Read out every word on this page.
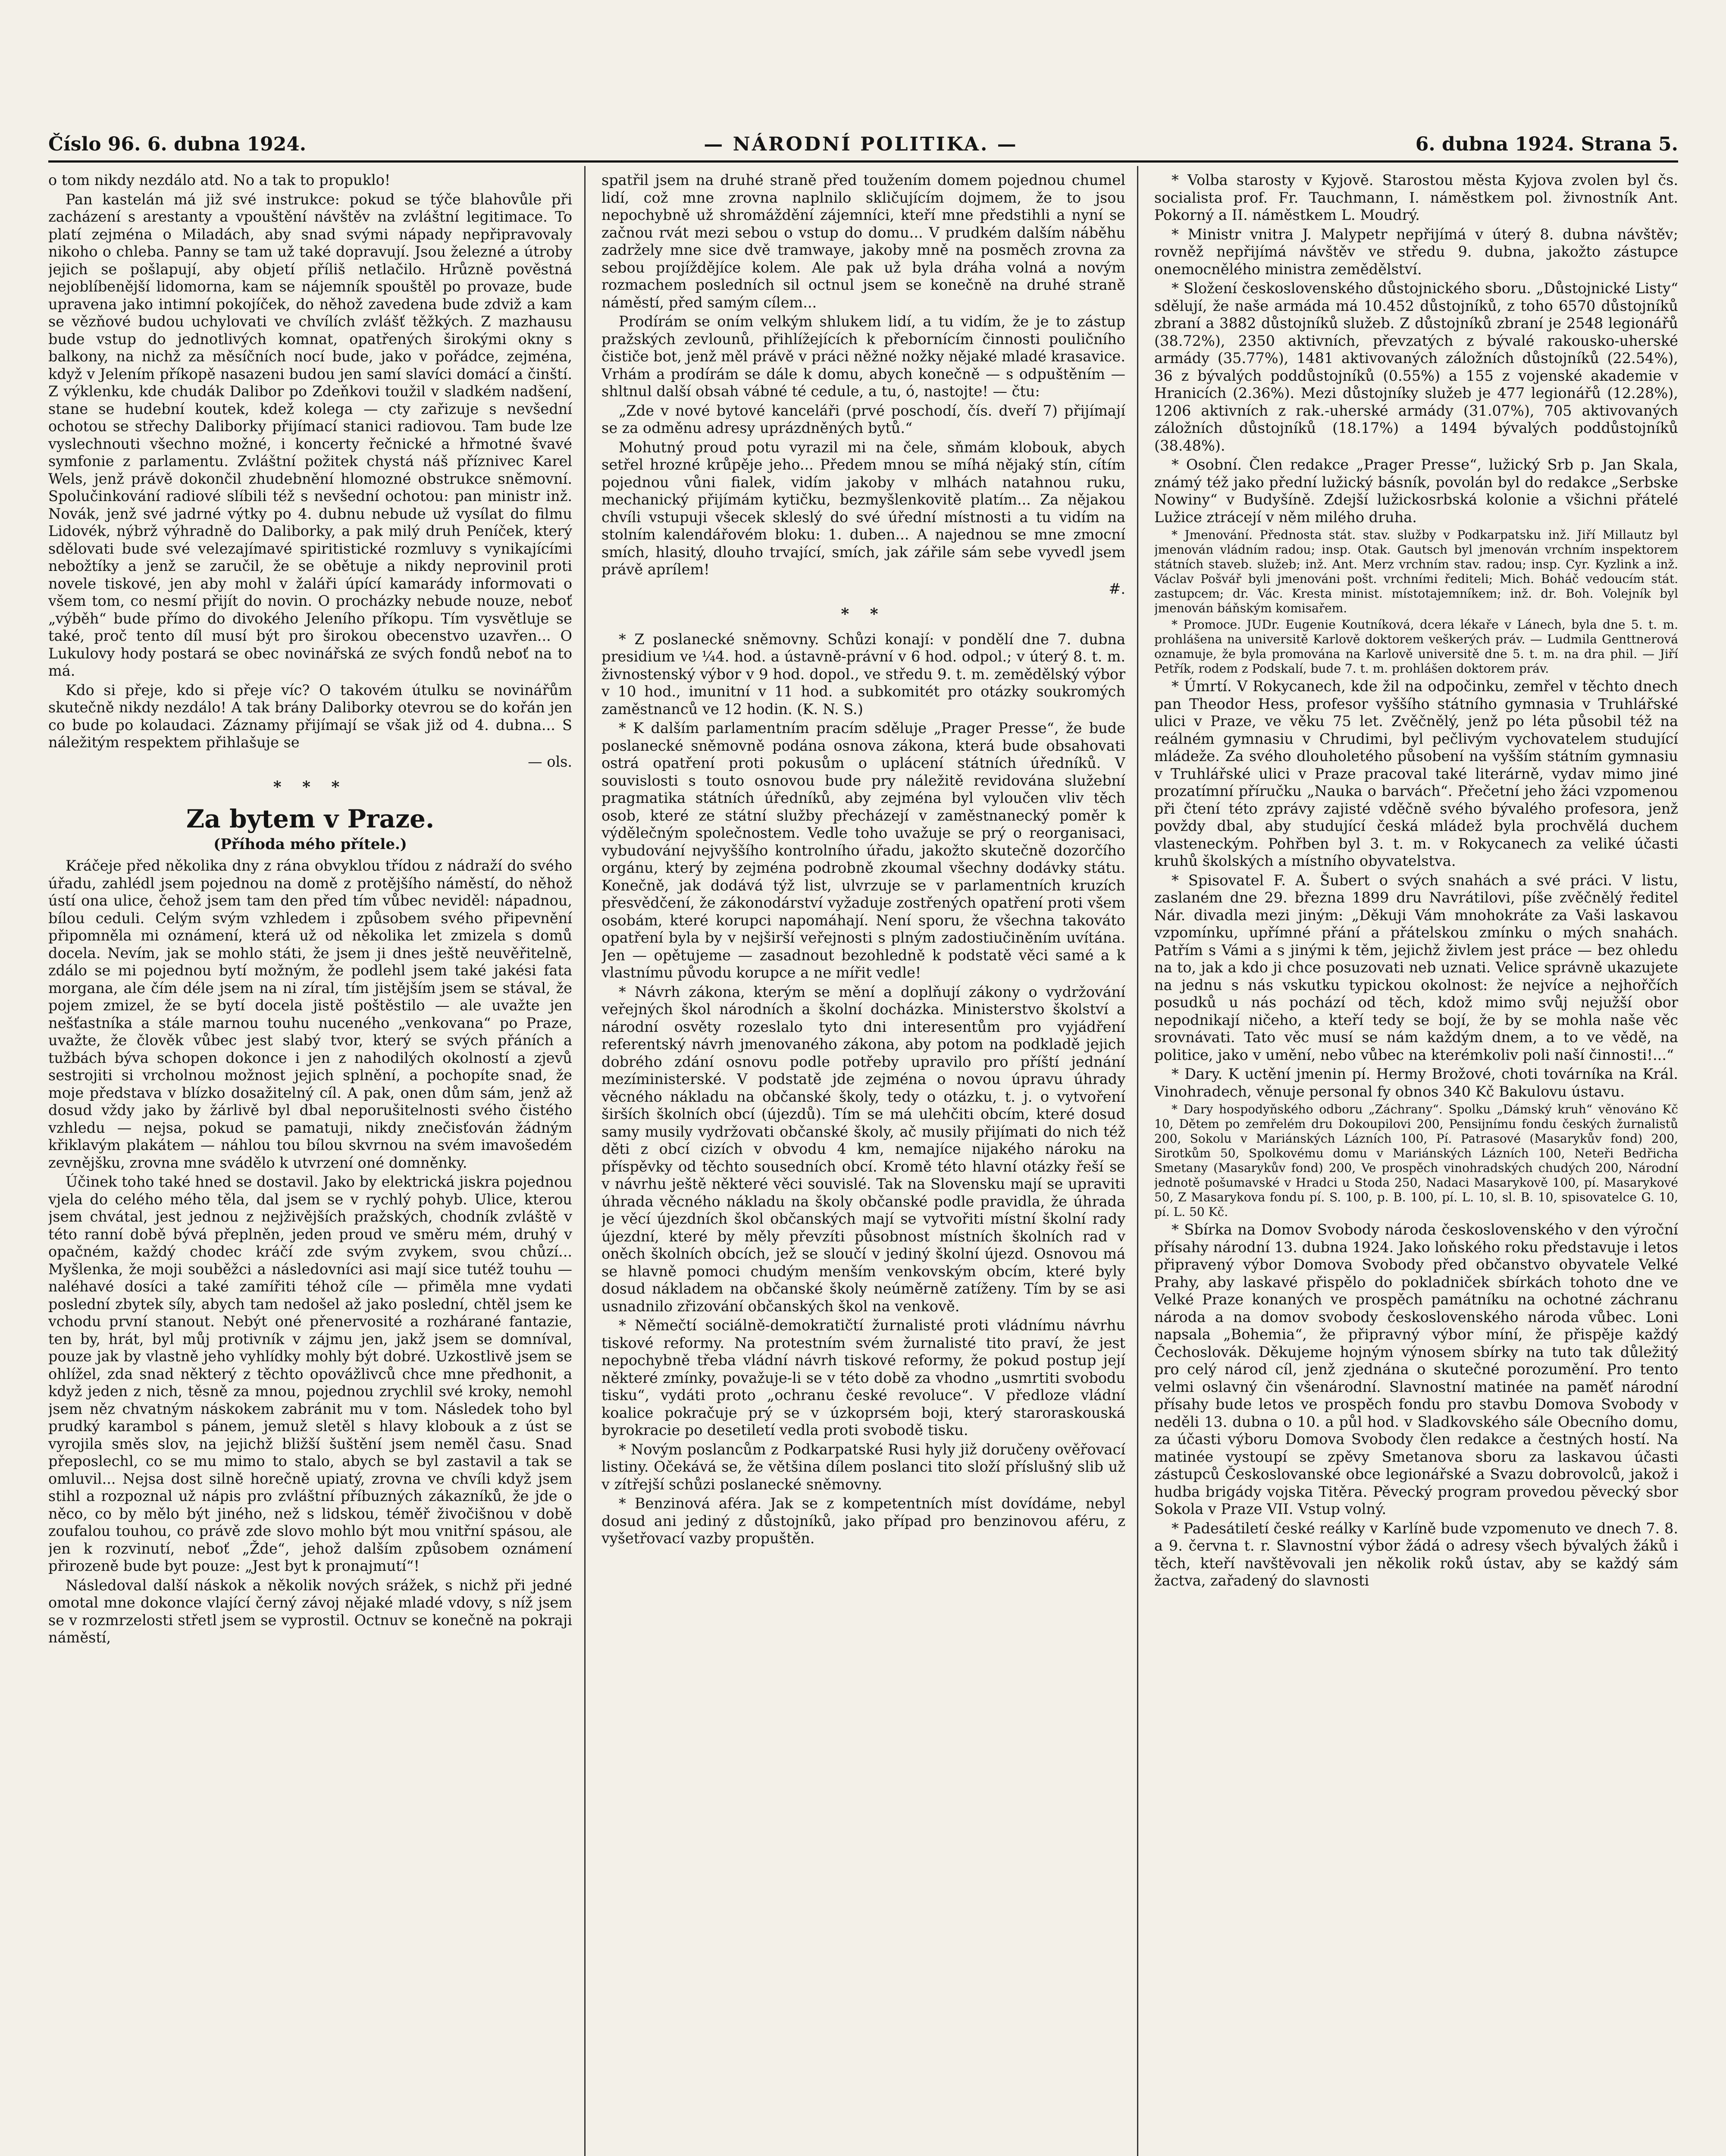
Číslo 96. 6. dubna 1924.	— NÁRODNÍ POLITIKA. —	6. dubna 1924. Strana 5.

o tom nikdy nezdálo atd. No a tak to propuklo!

Pan kastelán má již své instrukce: pokud se týče blahovůle při zacházení s arestanty a vpouštění návštěv na zvláštní legitimace. To platí zejména o Miladách, aby snad svými nápady nepřipravovaly nikoho o chleba. Panny se tam už také dopravují. Jsou železné a útroby jejich se pošlapují, aby objetí příliš netlačilo. Hrůzně pověstná nejoblíbenější lidomorna, kam se nájemník spouštěl po provaze, bude upravena jako intimní pokojíček, do něhož zavedena bude zdviž a kam se vězňové budou uchylovati ve chvílích zvlášť těžkých. Z mazhausu bude vstup do jednotlivých komnat, opatřených širokými okny s balkony, na nichž za měsíčních nocí bude, jako v pořádce, zejména, když v Jelením příkopě nasazeni budou jen samí slavíci domácí a činští. Z výklenku, kde chudák Dalibor po Zdeňkovi toužil v sladkém nadšení, stane se hudební koutek, kdež kolega — cty zařizuje s nevšední ochotou se střechy Daliborky přijímací stanici radiovou. Tam bude lze vyslechnouti všechno možné, i koncerty řečnické a hřmotné švavé symfonie z parlamentu. Zvláštní požitek chystá náš příznivec Karel Wels, jenž právě dokončil zhudebnění hlomozné obstrukce sněmovní. Spolučinkování radiové slíbili též s nevšední ochotou: pan ministr inž. Novák, jenž své jadrné výtky po 4. dubnu nebude už vysílat do filmu Lidovék, nýbrž výhradně do Daliborky, a pak milý druh Peníček, který sdělovati bude své velezajímavé spiritistické rozmluvy s vynikajícími nebožtíky a jenž se zaručil, že se obětuje a nikdy neprovinil proti novele tiskové, jen aby mohl v žaláři úpící kamarády informovati o všem tom, co nesmí přijít do novin. O procházky nebude nouze, neboť „výběh“ bude přímo do divokého Jeleního příkopu. Tím vysvětluje se také, proč tento díl musí být pro širokou obecenstvo uzavřen... O Lukulovy hody postará se obec novinářská ze svých fondů neboť na to má.

Kdo si přeje, kdo si přeje víc? O takovém útulku se novinářům skutečně nikdy nezdálo! A tak brány Daliborky otevrou se do kořán jen co bude po kolaudaci. Záznamy přijímají se však již od 4. dubna... S náležitým respektem přihlašuje se

— ols.
* * *
Za bytem v Praze.
(Příhoda mého přítele.)

Kráčeje před několika dny z rána obvyklou třídou z nádraží do svého úřadu, zahlédl jsem pojednou na domě z protějšího náměstí, do něhož ústí ona ulice, čehož jsem tam den před tím vůbec neviděl: nápadnou, bílou ceduli. Celým svým vzhledem i způsobem svého připevnění připomněla mi oznámení, která už od několika let zmizela s domů docela. Nevím, jak se mohlo státi, že jsem ji dnes ještě neuvěřitelně, zdálo se mi pojednou bytí možným, že podlehl jsem také jakési fata morgana, ale čím déle jsem na ni zíral, tím jistějším jsem se stával, že pojem zmizel, že se bytí docela jistě poštěstilo — ale uvažte jen nešťastníka a stále marnou touhu nuceného „venkovana“ po Praze, uvažte, že člověk vůbec jest slabý tvor, který se svých přáních a tužbách býva schopen dokonce i jen z nahodilých okolností a zjevů sestrojiti si vrcholnou možnost jejich splnění, a pochopíte snad, že moje představa v blízko dosažitelný cíl. A pak, onen dům sám, jenž až dosud vždy jako by žárlivě byl dbal neporušitelnosti svého čistého vzhledu — nejsa, pokud se pamatuji, nikdy znečisťován žádným křiklavým plakátem — náhlou tou bílou skvrnou na svém imavošedém zevnějšku, zrovna mne svádělo k utvrzení oné domněnky.

Účinek toho také hned se dostavil. Jako by elektrická jiskra pojednou vjela do celého mého těla, dal jsem se v rychlý pohyb. Ulice, kterou jsem chvátal, jest jednou z nejživějších pražských, chodník zvláště v této ranní době bývá přeplněn, jeden proud ve směru mém, druhý v opačném, každý chodec kráčí zde svým zvykem, svou chůzí... Myšlenka, že moji souběžci a následovníci asi mají sice tutéž touhu — naléhavé dosíci a také zamířiti téhož cíle — přiměla mne vydati poslední zbytek síly, abych tam nedošel až jako poslední, chtěl jsem ke vchodu první stanout. Nebýt oné přenervosité a rozhárané fantazie, ten by, hrát, byl můj protivník v zájmu jen, jakž jsem se domníval, pouze jak by vlastně jeho vyhlídky mohly být dobré. Uzkostlivě jsem se ohlížel, zda snad některý z těchto opovážlivců chce mne předhonit, a když jeden z nich, těsně za mnou, pojednou zrychlil své kroky, nemohl jsem něz chvatným náskokem zabránit mu v tom. Následek toho byl prudký karambol s pánem, jemuž sletěl s hlavy klobouk a z úst se vyrojila směs slov, na jejichž bližší šuštění jsem neměl času. Snad přeposlechl, co se mu mimo to stalo, abych se byl zastavil a tak se omluvil... Nejsa dost silně horečně upiatý, zrovna ve chvíli když jsem stihl a rozpoznal už nápis pro zvláštní příbuzných zákazníků, že jde o něco, co by mělo být jiného, než s lidskou, téměř živočišnou v době zoufalou touhou, co právě zde slovo mohlo být mou vnitřní spásou, ale jen k rozvinutí, neboť „Žde“, jehož dalším způsobem oznámení přirozeně bude byt pouze: „Jest byt k pronajmutí“!

Následoval další náskok a několik nových srážek, s nichž při jedné omotal mne dokonce vlající černý závoj nějaké mladé vdovy, s níž jsem se v rozmrzelosti střetl jsem se vyprostil. Octnuv se konečně na pokraji náměstí,

spatřil jsem na druhé straně před toužením domem pojednou chumel lidí, což mne zrovna naplnilo skličujícím dojmem, že to jsou nepochybně už shromáždění zájemníci, kteří mne předstihli a nyní se začnou rvát mezi sebou o vstup do domu... V prudkém dalším náběhu zadržely mne sice dvě tramwaye, jakoby mně na posměch zrovna za sebou projíždějíce kolem. Ale pak už byla dráha volná a novým rozmachem posledních sil octnul jsem se konečně na druhé straně náměstí, před samým cílem...

Prodírám se oním velkým shlukem lidí, a tu vidím, že je to zástup pražských zevlounů, přihlížejících k přebornícím činnosti pouličního čističe bot, jenž měl právě v práci něžné nožky nějaké mladé krasavice. Vrhám a prodírám se dále k domu, abych konečně — s odpuštěním — shltnul další obsah vábné té cedule, a tu, ó, nastojte! — čtu:

„Zde v nové bytové kanceláři (prvé poschodí, čís. dveří 7) přijímají se za odměnu adresy uprázdněných bytů.“

Mohutný proud potu vyrazil mi na čele, sňmám klobouk, abych setřel hrozné krůpěje jeho... Předem mnou se míhá nějaký stín, cítím pojednou vůni fialek, vidím jakoby v mlhách natahnou ruku, mechanický přijímám kytičku, bezmyšlenkovitě platím... Za nějakou chvíli vstupuji všecek skleslý do své úřední místnosti a tu vidím na stolním kalendářovém bloku: 1. duben... A najednou se mne zmocní smích, hlasitý, dlouho trvající, smích, jak zářile sám sebe vyvedl jsem právě aprílem!

#.
* *

* Z poslanecké sněmovny. Schůzi konají: v pondělí dne 7. dubna presidium ve ¼4. hod. a ústavně-právní v 6 hod. odpol.; v úterý 8. t. m. živnostenský výbor v 9 hod. dopol., ve středu 9. t. m. zemědělský výbor v 10 hod., imunitní v 11 hod. a subkomitét pro otázky soukromých zaměstnanců ve 12 hodin. (K. N. S.)

* K dalším parlamentním pracím sděluje „Prager Presse“, že bude poslanecké sněmovně podána osnova zákona, která bude obsahovati ostrá opatření proti pokusům o uplácení státních úředníků. V souvislosti s touto osnovou bude pry náležitě revidována služební pragmatika státních úředníků, aby zejména byl vyloučen vliv těch osob, které ze státní služby přecházejí v zaměstnanecký poměr k výdělečným společnostem. Vedle toho uvažuje se prý o reorganisaci, vybudování nejvyššího kontrolního úřadu, jakožto skutečně dozorčího orgánu, který by zejména podrobně zkoumal všechny dodávky státu. Konečně, jak dodává týž list, ulvrzuje se v parlamentních kruzích přesvědčení, že zákonodárství vyžaduje zostřených opatření proti všem osobám, které korupci napomáhají. Není sporu, že všechna takováto opatření byla by v nejširší veřejnosti s plným zadostiučiněním uvítána. Jen — opětujeme — zasadnout bezohledně k podstatě věci samé a k vlastnímu původu korupce a ne mířit vedle!

* Návrh zákona, kterým se mění a doplňují zákony o vydržování veřejných škol národních a školní docházka. Ministerstvo školství a národní osvěty rozeslalo tyto dni interesentům pro vyjádření referentský návrh jmenovaného zákona, aby potom na podkladě jejich dobrého zdání osnovu podle potřeby upravilo pro příští jednání mezíministerské. V podstatě jde zejména o novou úpravu úhrady věcného nákladu na občanské školy, tedy o otázku, t. j. o vytvoření širších školních obcí (újezdů). Tím se má ulehčiti obcím, které dosud samy musily vydržovati občanské školy, ač musily přijímati do nich též děti z obcí cizích v obvodu 4 km, nemajíce nijakého nároku na příspěvky od těchto sousedních obcí. Kromě této hlavní otázky řeší se v návrhu ještě některé věci souvislé. Tak na Slovensku mají se upraviti úhrada věcného nákladu na školy občanské podle pravidla, že úhrada je věcí újezdních škol občanských mají se vytvořiti místní školní rady újezdní, které by měly převzíti působnost místních školních rad v oněch školních obcích, jež se sloučí v jediný školní újezd. Osnovou má se hlavně pomoci chudým menším venkovským obcím, které byly dosud nákladem na občanské školy neúměrně zatíženy. Tím by se asi usnadnilo zřizování občanských škol na venkově.

* Němečtí sociálně-demokratičtí žurnalisté proti vládnímu návrhu tiskové reformy. Na protestním svém žurnalisté tito praví, že jest nepochybně třeba vládní návrh tiskové reformy, že pokud postup její některé zmínky, považuje-li se v této době za vhodno „usmrtiti svobodu tisku“, vydáti proto „ochranu české revoluce“. V předloze vládní koalice pokračuje prý se v úzkoprsém boji, který staroraskouská byrokracie po desetiletí vedla proti svobodě tisku.

* Novým poslancům z Podkarpatské Rusi hyly již doručeny ověřovací listiny. Očekává se, že většina dílem poslanci tito složí příslušný slib už v zítřejší schůzi poslanecké sněmovny.

* Benzinová aféra. Jak se z kompetentních míst dovídáme, nebyl dosud ani jediný z důstojníků, jako případ pro benzinovou aféru, z vyšetřovací vazby propuštěn.

* Volba starosty v Kyjově. Starostou města Kyjova zvolen byl čs. socialista prof. Fr. Tauchmann, I. náměstkem pol. živnostník Ant. Pokorný a II. náměstkem L. Moudrý.

* Ministr vnitra J. Malypetr nepřijímá v úterý 8. dubna návštěv; rovněž nepřijímá návštěv ve středu 9. dubna, jakožto zástupce onemocnělého ministra zemědělství.

* Složení československého důstojnického sboru. „Důstojnické Listy“ sdělují, že naše armáda má 10.452 důstojníků, z toho 6570 důstojníků zbraní a 3882 důstojníků služeb. Z důstojníků zbraní je 2548 legionářů (38.72%), 2350 aktivních, převzatých z bývalé rakousko-uherské armády (35.77%), 1481 aktivovaných záložních důstojníků (22.54%), 36 z bývalých poddůstojníků (0.55%) a 155 z vojenské akademie v Hranicích (2.36%). Mezi důstojníky služeb je 477 legionářů (12.28%), 1206 aktivních z rak.-uherské armády (31.07%), 705 aktivovaných záložních důstojníků (18.17%) a 1494 bývalých poddůstojníků (38.48%).

* Osobní. Člen redakce „Prager Presse“, lužický Srb p. Jan Skala, známý též jako přední lužický básník, povolán byl do redakce „Serbske Nowiny“ v Budyšíně. Zdejší lužickosrbská kolonie a všichni přátelé Lužice ztrácejí v něm milého druha.

* Jmenování. Přednosta stát. stav. služby v Podkarpatsku inž. Jiří Millautz byl jmenován vládním radou; insp. Otak. Gautsch byl jmenován vrchním inspektorem státních staveb. služeb; inž. Ant. Merz vrchním stav. radou; insp. Cyr. Kyzlink a inž. Václav Pošvář byli jmenováni pošt. vrchními řediteli; Mich. Boháč vedoucím stát. zastupcem; dr. Vác. Kresta minist. místotajemníkem; inž. dr. Boh. Volejník byl jmenován báňským komisařem.

* Promoce. JUDr. Eugenie Koutníková, dcera lékaře v Lánech, byla dne 5. t. m. prohlášena na universitě Karlově doktorem veškerých práv. — Ludmila Genttnerová oznamuje, že byla promována na Karlově universitě dne 5. t. m. na dra phil. — Jiří Petřík, rodem z Podskalí, bude 7. t. m. prohlášen doktorem práv.

* Úmrtí. V Rokycanech, kde žil na odpočinku, zemřel v těchto dnech pan Theodor Hess, profesor vyššího státního gymnasia v Truhlářské ulici v Praze, ve věku 75 let. Zvěčnělý, jenž po léta působil též na reálném gymnasiu v Chrudimi, byl pečlivým vychovatelem studující mládeže. Za svého dlouholetého působení na vyšším státním gymnasiu v Truhlářské ulici v Praze pracoval také literárně, vydav mimo jiné prozatímní příručku „Nauka o barvách“. Přečetní jeho žáci vzpomenou při čtení této zprávy zajisté vděčně svého bývalého profesora, jenž povždy dbal, aby studující česká mládež byla prochvělá duchem vlasteneckým. Pohřben byl 3. t. m. v Rokycanech za veliké účasti kruhů školských a místního obyvatelstva.

* Spisovatel F. A. Šubert o svých snahách a své práci. V listu, zaslaném dne 29. března 1899 dru Navrátilovi, píše zvěčnělý ředitel Nár. divadla mezi jiným: „Děkuji Vám mnohokráte za Vaši laskavou vzpomínku, upřímné přání a přátelskou zmínku o mých snahách. Patřím s Vámi a s jinými k těm, jejichž živlem jest práce — bez ohledu na to, jak a kdo ji chce posuzovati neb uznati. Velice správně ukazujete na jednu s nás vskutku typickou okolnost: že nejvíce a nejhořčích posudků u nás pochází od těch, kdož mimo svůj nejužší obor nepodnikají ničeho, a kteří tedy se bojí, že by se mohla naše věc srovnávati. Tato věc musí se nám každým dnem, a to ve vědě, na politice, jako v umění, nebo vůbec na kterémkoliv poli naší činnosti!...“

* Dary. K uctění jmenin pí. Hermy Brožové, choti továrníka na Král. Vinohradech, věnuje personal fy obnos 340 Kč Bakulovu ústavu.

* Dary hospodyňského odboru „Záchrany“. Spolku „Dámský kruh“ věnováno Kč 10, Dětem po zemřelém dru Dokoupilovi 200, Pensijnímu fondu českých žurnalistů 200, Sokolu v Mariánských Lázních 100, Pí. Patrasové (Masarykův fond) 200, Sirotkům 50, Spolkovému domu v Mariánských Lázních 100, Neteři Bedřicha Smetany (Masarykův fond) 200, Ve prospěch vinohradských chudých 200, Národní jednotě pošumavské v Hradci u Stoda 250, Nadaci Masarykově 100, pí. Masarykové 50, Z Masarykova fondu pí. S. 100, p. B. 100, pí. L. 10, sl. B. 10, spisovatelce G. 10, pí. L. 50 Kč.

* Sbírka na Domov Svobody národa československého v den výroční přísahy národní 13. dubna 1924. Jako loňského roku představuje i letos připravený výbor Domova Svobody před občanstvo obyvatele Velké Prahy, aby laskavé přispělo do pokladniček sbírkách tohoto dne ve Velké Praze konaných ve prospěch památníku na ochotné záchranu národa a na domov svobody československého národa vůbec. Loni napsala „Bohemia“, že připravný výbor míní, že přispěje každý Čechoslovák. Děkujeme hojným výnosem sbírky na tuto tak důležitý pro celý národ cíl, jenž zjednána o skutečné porozumění. Pro tento velmi oslavný čin všenárodní. Slavnostní matinée na paměť národní přísahy bude letos ve prospěch fondu pro stavbu Domova Svobody v neděli 13. dubna o 10. a půl hod. v Sladkovského sále Obecního domu, za účasti výboru Domova Svobody člen redakce a čestných hostí. Na matinée vystoupí se zpěvy Smetanova sboru za laskavou účasti zástupců Českoslovanské obce legionářské a Svazu dobrovolců, jakož i hudba brigády vojska Titěra. Pěvecký program provedou pěvecký sbor Sokola v Praze VII. Vstup volný.

* Padesátiletí české reálky v Karlíně bude vzpomenuto ve dnech 7. 8. a 9. června t. r. Slavnostní výbor žádá o adresy všech bývalých žáků i těch, kteří navštěvovali jen několik roků ústav, aby se každý sám žactva, zařadený do slavnosti
